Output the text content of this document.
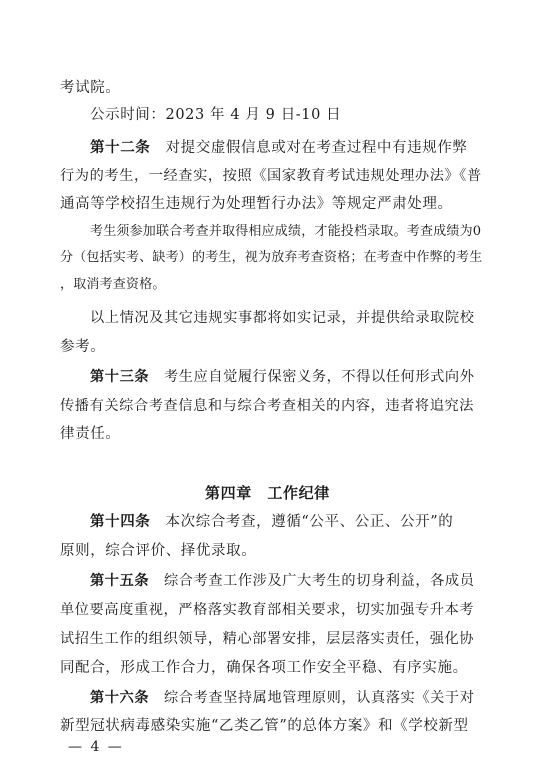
考试院。
公示时间：2023 年 4 月 9 日-10 日
第十二条　 对提交虚假信息或对在考查过程中有违规作弊
行为的考生，一经查实，按照《国家教育考试违规处理办法》《普
通高等学校招生违规行为处理暂行办法》等规定严肃处理。
考生须参加联合考查并取得相应成绩，才能投档录取。考查成绩为0
分（包括实考、缺考）的考生，视为放弃考查资格；在考查中作弊的考生
，取消考查资格。
以上情况及其它违规实事都将如实记录，并提供给录取院校
参考。
第十三条　 考生应自觉履行保密义务，不得以任何形式向外
传播有关综合考查信息和与综合考查相关的内容，违者将追究法
律责任。
第四章　工作纪律
第十四条　 本次综合考查，遵循“公平、公正、公开”的
原则，综合评价、择优录取。
第十五条　 综合考查工作涉及广大考生的切身利益，各成员
单位要高度重视，严格落实教育部相关要求，切实加强专升本考
试招生工作的组织领导，精心部署安排，层层落实责任，强化协
同配合，形成工作合力，确保各项工作安全平稳、有序实施。
第十六条　 综合考查坚持属地管理原则，认真落实《关于对
新型冠状病毒感染实施“乙类乙管”的总体方案》和《学校新型
— 4 —
